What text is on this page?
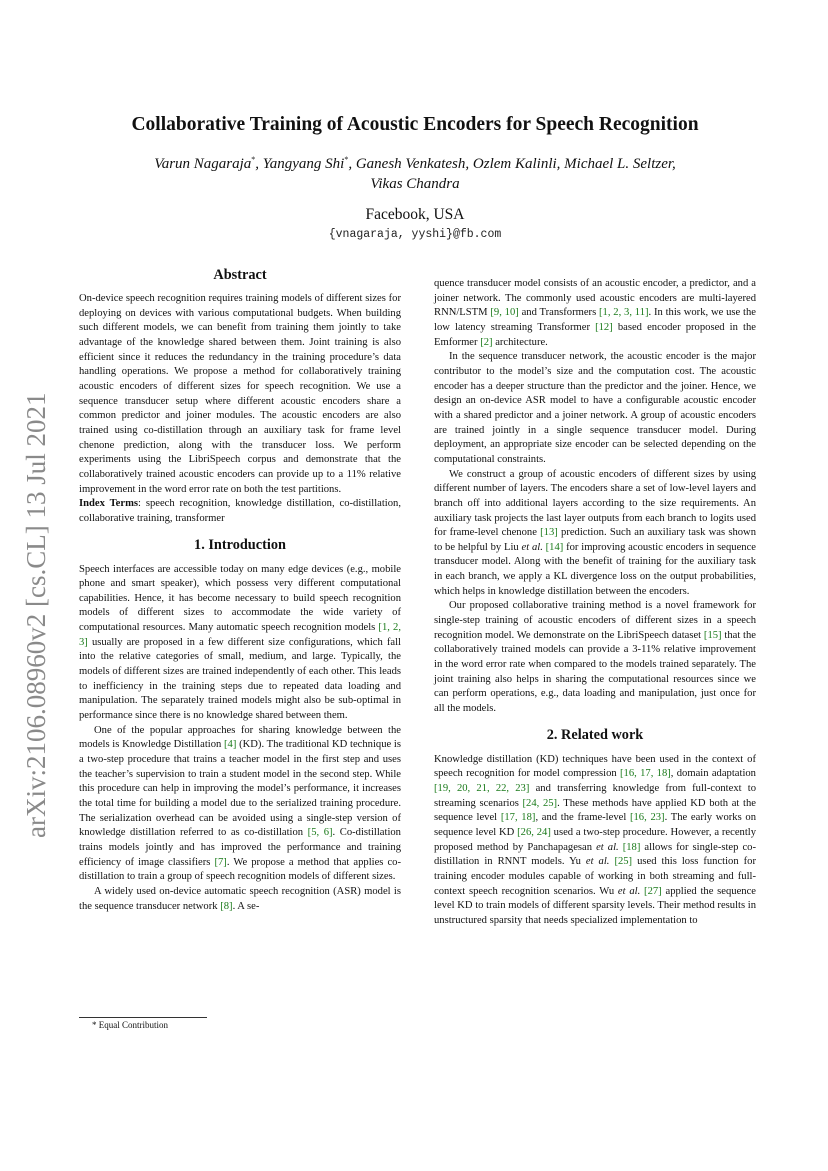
arXiv:2106.08960v2 [cs.CL] 13 Jul 2021
Collaborative Training of Acoustic Encoders for Speech Recognition
Varun Nagaraja*, Yangyang Shi*, Ganesh Venkatesh, Ozlem Kalinli, Michael L. Seltzer,
Vikas Chandra
Facebook, USA
{vnagaraja, yyshi}@fb.com
Abstract

On-device speech recognition requires training models of different sizes for deploying on devices with various computational budgets. When building such different models, we can benefit from training them jointly to take advantage of the knowledge shared between them. Joint training is also efficient since it reduces the redundancy in the training procedure’s data handling operations. We propose a method for collaboratively training acoustic encoders of different sizes for speech recognition. We use a sequence transducer setup where different acoustic encoders share a common predictor and joiner modules. The acoustic encoders are also trained using co-distillation through an auxiliary task for frame level chenone prediction, along with the transducer loss. We perform experiments using the LibriSpeech corpus and demonstrate that the collaboratively trained acoustic encoders can provide up to a 11% relative improvement in the word error rate on both the test partitions.

Index Terms: speech recognition, knowledge distillation, co-distillation, collaborative training, transformer

1. Introduction

Speech interfaces are accessible today on many edge devices (e.g., mobile phone and smart speaker), which possess very different computational capabilities. Hence, it has become necessary to build speech recognition models of different sizes to accommodate the wide variety of computational resources. Many automatic speech recognition models [1, 2, 3] usually are proposed in a few different size configurations, which fall into the relative categories of small, medium, and large. Typically, the models of different sizes are trained independently of each other. This leads to inefficiency in the training steps due to repeated data loading and manipulation. The separately trained models might also be sub-optimal in performance since there is no knowledge shared between them.

One of the popular approaches for sharing knowledge between the models is Knowledge Distillation [4] (KD). The traditional KD technique is a two-step procedure that trains a teacher model in the first step and uses the teacher’s supervision to train a student model in the second step. While this procedure can help in improving the model’s performance, it increases the total time for building a model due to the serialized training procedure. The serialization overhead can be avoided using a single-step version of knowledge distillation referred to as co-distillation [5, 6]. Co-distillation trains models jointly and has improved the performance and training efficiency of image classifiers [7]. We propose a method that applies co-distillation to train a group of speech recognition models of different sizes.

A widely used on-device automatic speech recognition (ASR) model is the sequence transducer network [8]. A se-

* Equal Contribution

quence transducer model consists of an acoustic encoder, a predictor, and a joiner network. The commonly used acoustic encoders are multi-layered RNN/LSTM [9, 10] and Transformers [1, 2, 3, 11]. In this work, we use the low latency streaming Transformer [12] based encoder proposed in the Emformer [2] architecture.

In the sequence transducer network, the acoustic encoder is the major contributor to the model’s size and the computation cost. The acoustic encoder has a deeper structure than the predictor and the joiner. Hence, we design an on-device ASR model to have a configurable acoustic encoder with a shared predictor and a joiner network. A group of acoustic encoders are trained jointly in a single sequence transducer model. During deployment, an appropriate size encoder can be selected depending on the computational constraints.

We construct a group of acoustic encoders of different sizes by using different number of layers. The encoders share a set of low-level layers and branch off into additional layers according to the size requirements. An auxiliary task projects the last layer outputs from each branch to logits used for frame-level chenone [13] prediction. Such an auxiliary task was shown to be helpful by Liu et al. [14] for improving acoustic encoders in sequence transducer model. Along with the benefit of training for the auxiliary task in each branch, we apply a KL divergence loss on the output probabilities, which helps in knowledge distillation between the encoders.

Our proposed collaborative training method is a novel framework for single-step training of acoustic encoders of different sizes in a speech recognition model. We demonstrate on the LibriSpeech dataset [15] that the collaboratively trained models can provide a 3-11% relative improvement in the word error rate when compared to the models trained separately. The joint training also helps in sharing the computational resources since we can perform operations, e.g., data loading and manipulation, just once for all the models.

2. Related work

Knowledge distillation (KD) techniques have been used in the context of speech recognition for model compression [16, 17, 18], domain adaptation [19, 20, 21, 22, 23] and transferring knowledge from full-context to streaming scenarios [24, 25]. These methods have applied KD both at the sequence level [17, 18], and the frame-level [16, 23]. The early works on sequence level KD [26, 24] used a two-step procedure. However, a recently proposed method by Panchapagesan et al. [18] allows for single-step co-distillation in RNNT models. Yu et al. [25] used this loss function for training encoder modules capable of working in both streaming and full-context speech recognition scenarios. Wu et al. [27] applied the sequence level KD to train models of different sparsity levels. Their method results in unstructured sparsity that needs specialized implementation to
